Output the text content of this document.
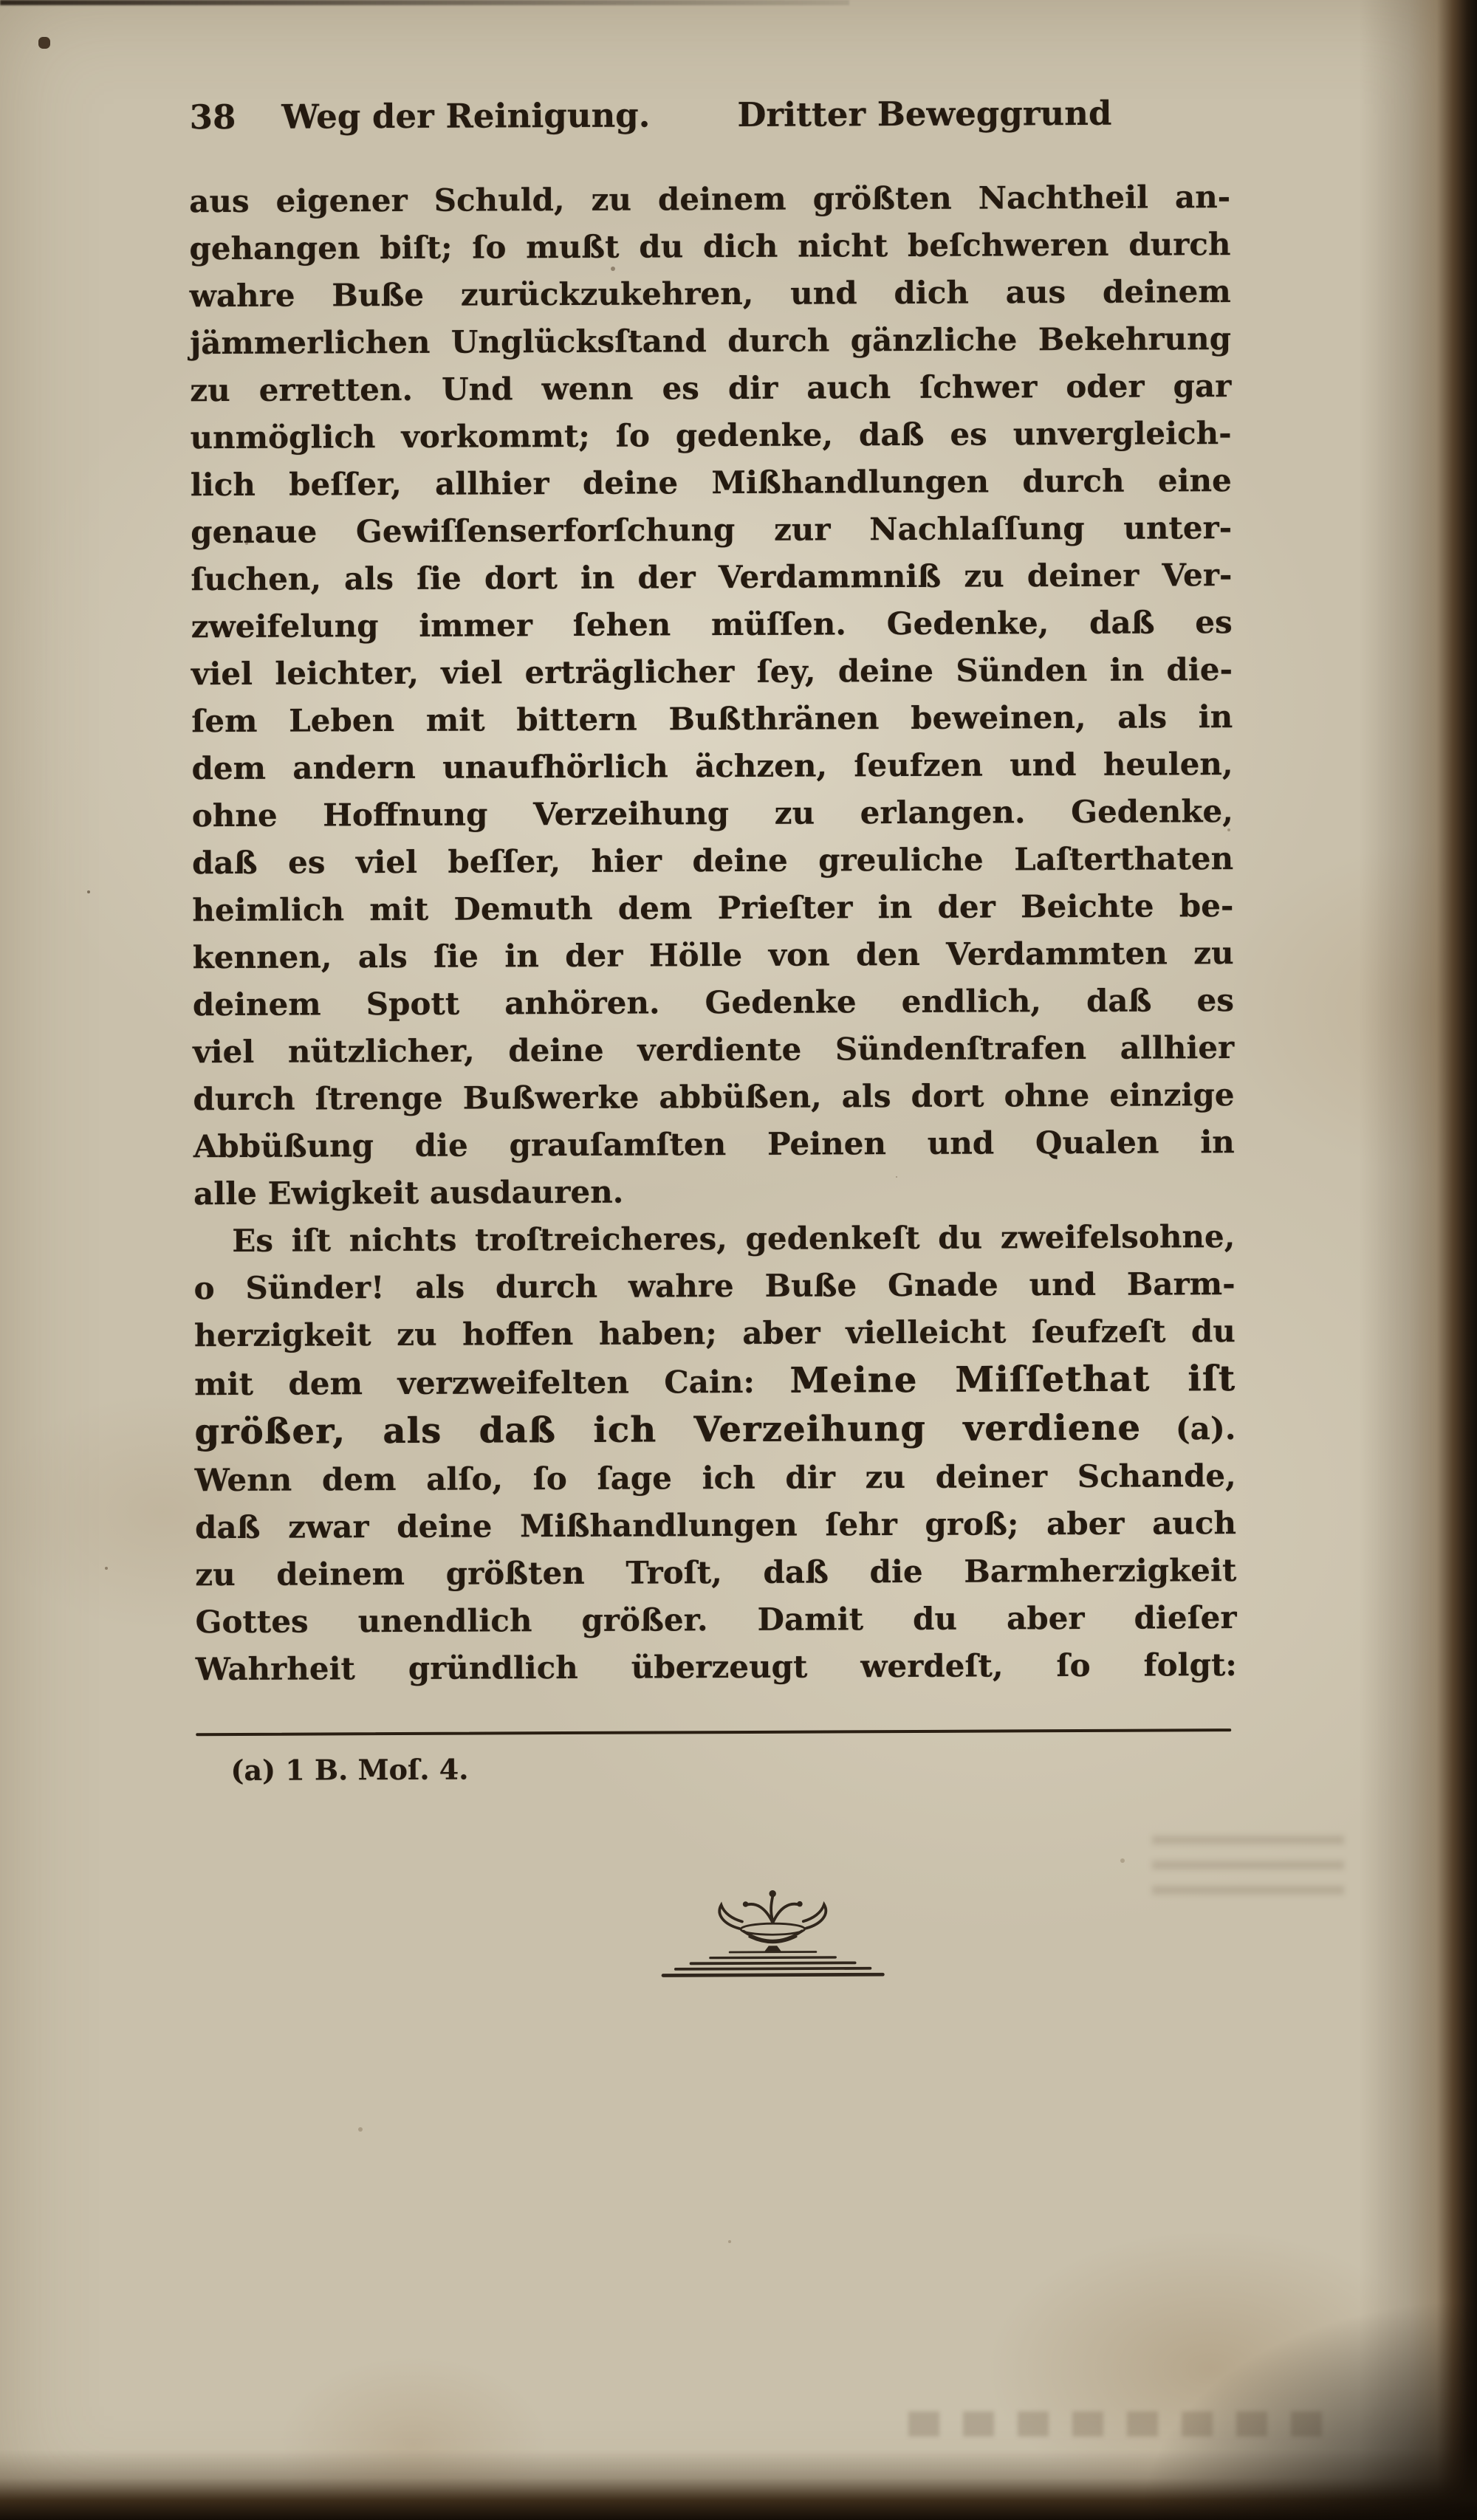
38 Weg der Reinigung.	Dritter Beweggrund
aus eigener Schuld, zu deinem größten Nachtheil an-
gehangen biſt; ſo mußt du dich nicht beſchweren durch
wahre Buße zurückzukehren, und dich aus deinem
jämmerlichen Unglücksſtand durch gänzliche Bekehrung
zu erretten. Und wenn es dir auch ſchwer oder gar
unmöglich vorkommt; ſo gedenke, daß es unvergleich-
lich beſſer, allhier deine Mißhandlungen durch eine
genaue Gewiſſenserforſchung zur Nachlaſſung unter-
ſuchen, als ſie dort in der Verdammniß zu deiner Ver-
zweifelung immer ſehen müſſen. Gedenke, daß es
viel leichter, viel erträglicher ſey, deine Sünden in die-
ſem Leben mit bittern Bußthränen beweinen, als in
dem andern unaufhörlich ächzen, ſeufzen und heulen,
ohne Hoffnung Verzeihung zu erlangen. Gedenke,
daß es viel beſſer, hier deine greuliche Laſterthaten
heimlich mit Demuth dem Prieſter in der Beichte be-
kennen, als ſie in der Hölle von den Verdammten zu
deinem Spott anhören. Gedenke endlich, daß es
viel nützlicher, deine verdiente Sündenſtrafen allhier
durch ſtrenge Bußwerke abbüßen, als dort ohne einzige
Abbüßung die grauſamſten Peinen und Qualen in
alle Ewigkeit ausdauren.
Es iſt nichts troſtreicheres, gedenkeſt du zweifelsohne,
o Sünder! als durch wahre Buße Gnade und Barm-
herzigkeit zu hoffen haben; aber vielleicht ſeufzeſt du
mit dem verzweifelten Cain: Meine Miſſethat iſt
größer, als daß ich Verzeihung verdiene (a).
Wenn dem alſo, ſo ſage ich dir zu deiner Schande,
daß zwar deine Mißhandlungen ſehr groß; aber auch
zu deinem größten Troſt, daß die Barmherzigkeit
Gottes unendlich größer. Damit du aber dieſer
Wahrheit gründlich überzeugt werdeſt, ſo folgt:
(a) 1 B. Moſ. 4.
